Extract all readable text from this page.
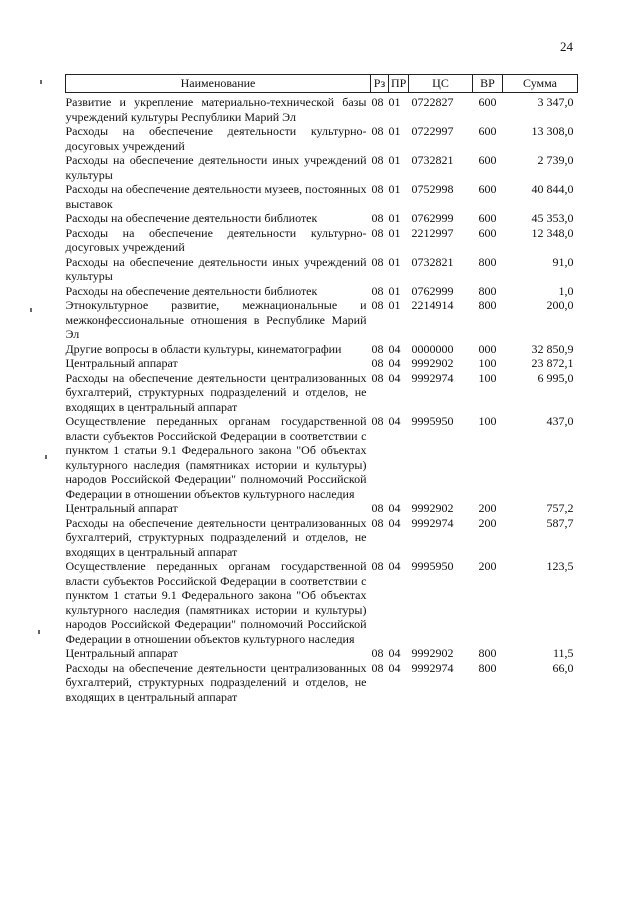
24
Наименование	Рз	ПР	ЦС	ВР	Сумма
Развитие и укрепление материально-технической базы учреждений культуры Республики Марий Эл	08	01	0722827	600	3 347,0
Расходы на обеспечение деятельности культурно-досуговых учреждений	08	01	0722997	600	13 308,0
Расходы на обеспечение деятельности иных учреждений культуры	08	01	0732821	600	2 739,0
Расходы на обеспечение деятельности музеев, постоянных выставок	08	01	0752998	600	40 844,0
Расходы на обеспечение деятельности библиотек	08	01	0762999	600	45 353,0
Расходы на обеспечение деятельности культурно-досуговых учреждений	08	01	2212997	600	12 348,0
Расходы на обеспечение деятельности иных учреждений культуры	08	01	0732821	800	91,0
Расходы на обеспечение деятельности библиотек	08	01	0762999	800	1,0
Этнокультурное развитие, межнациональные и межконфессиональные отношения в Республике Марий Эл	08	01	2214914	800	200,0
Другие вопросы в области культуры, кинематографии	08	04	0000000	000	32 850,9
Центральный аппарат	08	04	9992902	100	23 872,1
Расходы на обеспечение деятельности централизованных бухгалтерий, структурных подразделений и отделов, не входящих в центральный аппарат	08	04	9992974	100	6 995,0
Осуществление переданных органам государственной власти субъектов Российской Федерации в соответствии с пунктом 1 статьи 9.1 Федерального закона "Об объектах культурного наследия (памятниках истории и культуры) народов Российской Федерации" полномочий Российской Федерации в отношении объектов культурного наследия	08	04	9995950	100	437,0
Центральный аппарат	08	04	9992902	200	757,2
Расходы на обеспечение деятельности централизованных бухгалтерий, структурных подразделений и отделов, не входящих в центральный аппарат	08	04	9992974	200	587,7
Осуществление переданных органам государственной власти субъектов Российской Федерации в соответствии с пунктом 1 статьи 9.1 Федерального закона "Об объектах культурного наследия (памятниках истории и культуры) народов Российской Федерации" полномочий Российской Федерации в отношении объектов культурного наследия	08	04	9995950	200	123,5
Центральный аппарат	08	04	9992902	800	11,5
Расходы на обеспечение деятельности централизованных бухгалтерий, структурных подразделений и отделов, не входящих в центральный аппарат	08	04	9992974	800	66,0
